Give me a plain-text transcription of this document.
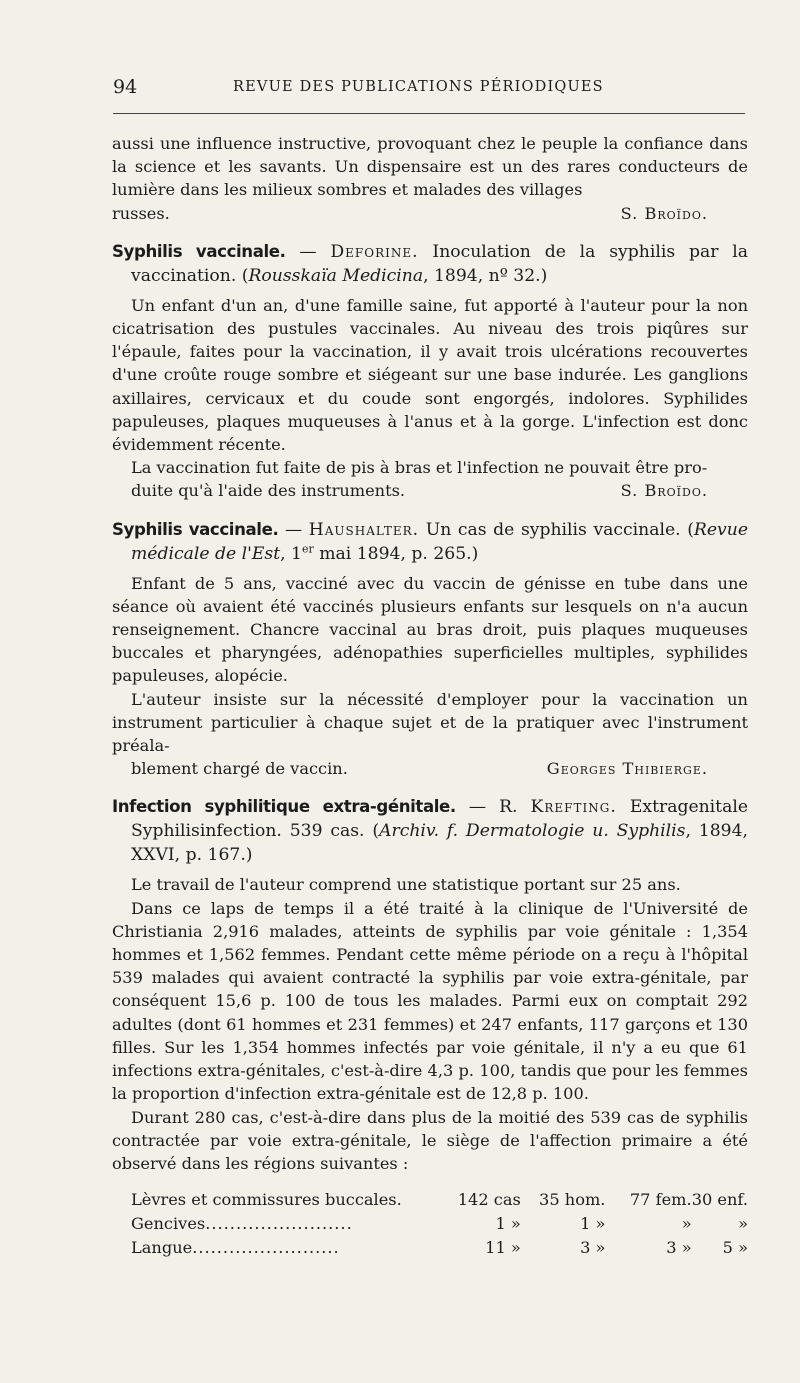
94	REVUE DES PUBLICATIONS PÉRIODIQUES

aussi une influence instructive, provoquant chez le peuple la confiance dans la science et les savants. Un dispensaire est un des rares conducteurs de lumière dans les milieux sombres et malades des villages
russes.	S. Broïdo.

Syphilis vaccinale. — Deforine. Inoculation de la syphilis par la vaccination. (Rousskaïa Medicina, 1894, nº 32.)

Un enfant d'un an, d'une famille saine, fut apporté à l'auteur pour la non cicatrisation des pustules vaccinales. Au niveau des trois piqûres sur l'épaule, faites pour la vaccination, il y avait trois ulcérations recouvertes d'une croûte rouge sombre et siégeant sur une base indurée. Les ganglions axillaires, cervicaux et du coude sont engorgés, indolores. Syphilides papuleuses, plaques muqueuses à l'anus et à la gorge. L'infection est donc évidemment récente.

La vaccination fut faite de pis à bras et l'infection ne pouvait être pro-
duite qu'à l'aide des instruments.	S. Broïdo.

Syphilis vaccinale. — Haushalter. Un cas de syphilis vaccinale. (Revue médicale de l'Est, 1er mai 1894, p. 265.)

Enfant de 5 ans, vacciné avec du vaccin de génisse en tube dans une séance où avaient été vaccinés plusieurs enfants sur lesquels on n'a aucun renseignement. Chancre vaccinal au bras droit, puis plaques muqueuses buccales et pharyngées, adénopathies superficielles multiples, syphilides papuleuses, alopécie.

L'auteur insiste sur la nécessité d'employer pour la vaccination un instrument particulier à chaque sujet et de la pratiquer avec l'instrument préala-
blement chargé de vaccin.	Georges Thibierge.

Infection syphilitique extra-génitale. — R. Krefting. Extragenitale Syphilisinfection. 539 cas. (Archiv. f. Dermatologie u. Syphilis, 1894, XXVI, p. 167.)

Le travail de l'auteur comprend une statistique portant sur 25 ans.

Dans ce laps de temps il a été traité à la clinique de l'Université de Christiania 2,916 malades, atteints de syphilis par voie génitale : 1,354 hommes et 1,562 femmes. Pendant cette même période on a reçu à l'hôpital 539 malades qui avaient contracté la syphilis par voie extra-génitale, par conséquent 15,6 p. 100 de tous les malades. Parmi eux on comptait 292 adultes (dont 61 hommes et 231 femmes) et 247 enfants, 117 garçons et 130 filles. Sur les 1,354 hommes infectés par voie génitale, il n'y a eu que 61 infections extra-génitales, c'est-à-dire 4,3 p. 100, tandis que pour les femmes la proportion d'infection extra-génitale est de 12,8 p. 100.

Durant 280 cas, c'est-à-dire dans plus de la moitié des 539 cas de syphilis contractée par voie extra-génitale, le siège de l'affection primaire a été observé dans les régions suivantes :

Lèvres et commissures buccales.	142 cas	35 hom.	77 fem.	30 enf.
Gencives........................	1 »	1 »	»	»
Langue........................	11 »	3 »	3 »	5 »
